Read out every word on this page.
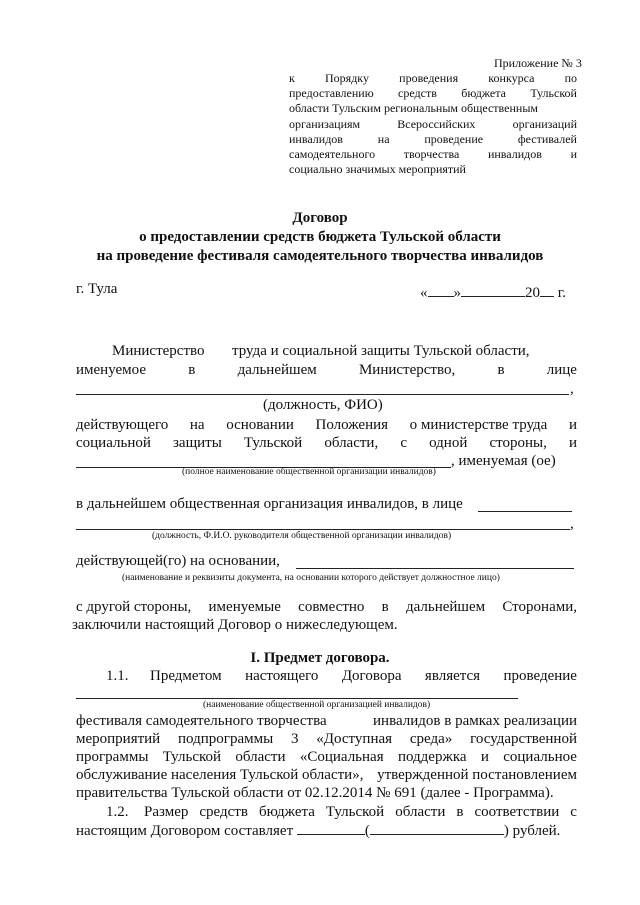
Приложение № 3
к	Порядку	проведения	конкурса	по
предоставлению средств бюджета Тульской
области Тульским региональным общественным
организациям	Всероссийских	организаций
инвалидов	на	проведение	фестивалей
самодеятельного творчества инвалидов и
социально значимых мероприятий
Договор
о предоставлении средств бюджета Тульской области
на проведение фестиваля самодеятельного творчества инвалидов
г. Тула	« »	20 г.
Министерство труда и социальной защиты Тульской области,
именуемое	в	дальнейшем	Министерство,	в	лице
,
(должность, ФИО)
действующего на основании Положения о министерстве труда и
социальной защиты Тульской области, с одной стороны, и
, именуемая (ое)
(полное наименование общественной организации инвалидов)
в дальнейшем общественная организация инвалидов, в лице
,
(должность, Ф.И.О. руководителя общественной организации инвалидов)
действующей(го) на основании,
(наименование и реквизиты документа, на основании которого действует должностное лицо)
с другой стороны, именуемые совместно в дальнейшем Сторонами,
заключили настоящий Договор о нижеследующем.
I. Предмет договора.
1.1. Предметом настоящего Договора является проведение
(наименование общественной организацией инвалидов)
фестиваля самодеятельного творчества	инвалидов в рамках реализации
мероприятий подпрограммы 3 «Доступная среда» государственной
программы Тульской области «Социальная поддержка и социальное
обслуживание населения Тульской области», утвержденной постановлением
правительства Тульской области от 02.12.2014 № 691 (далее - Программа).
1.2. Размер средств бюджета Тульской области в соответствии с
настоящим Договором составляет	(	) рублей.
